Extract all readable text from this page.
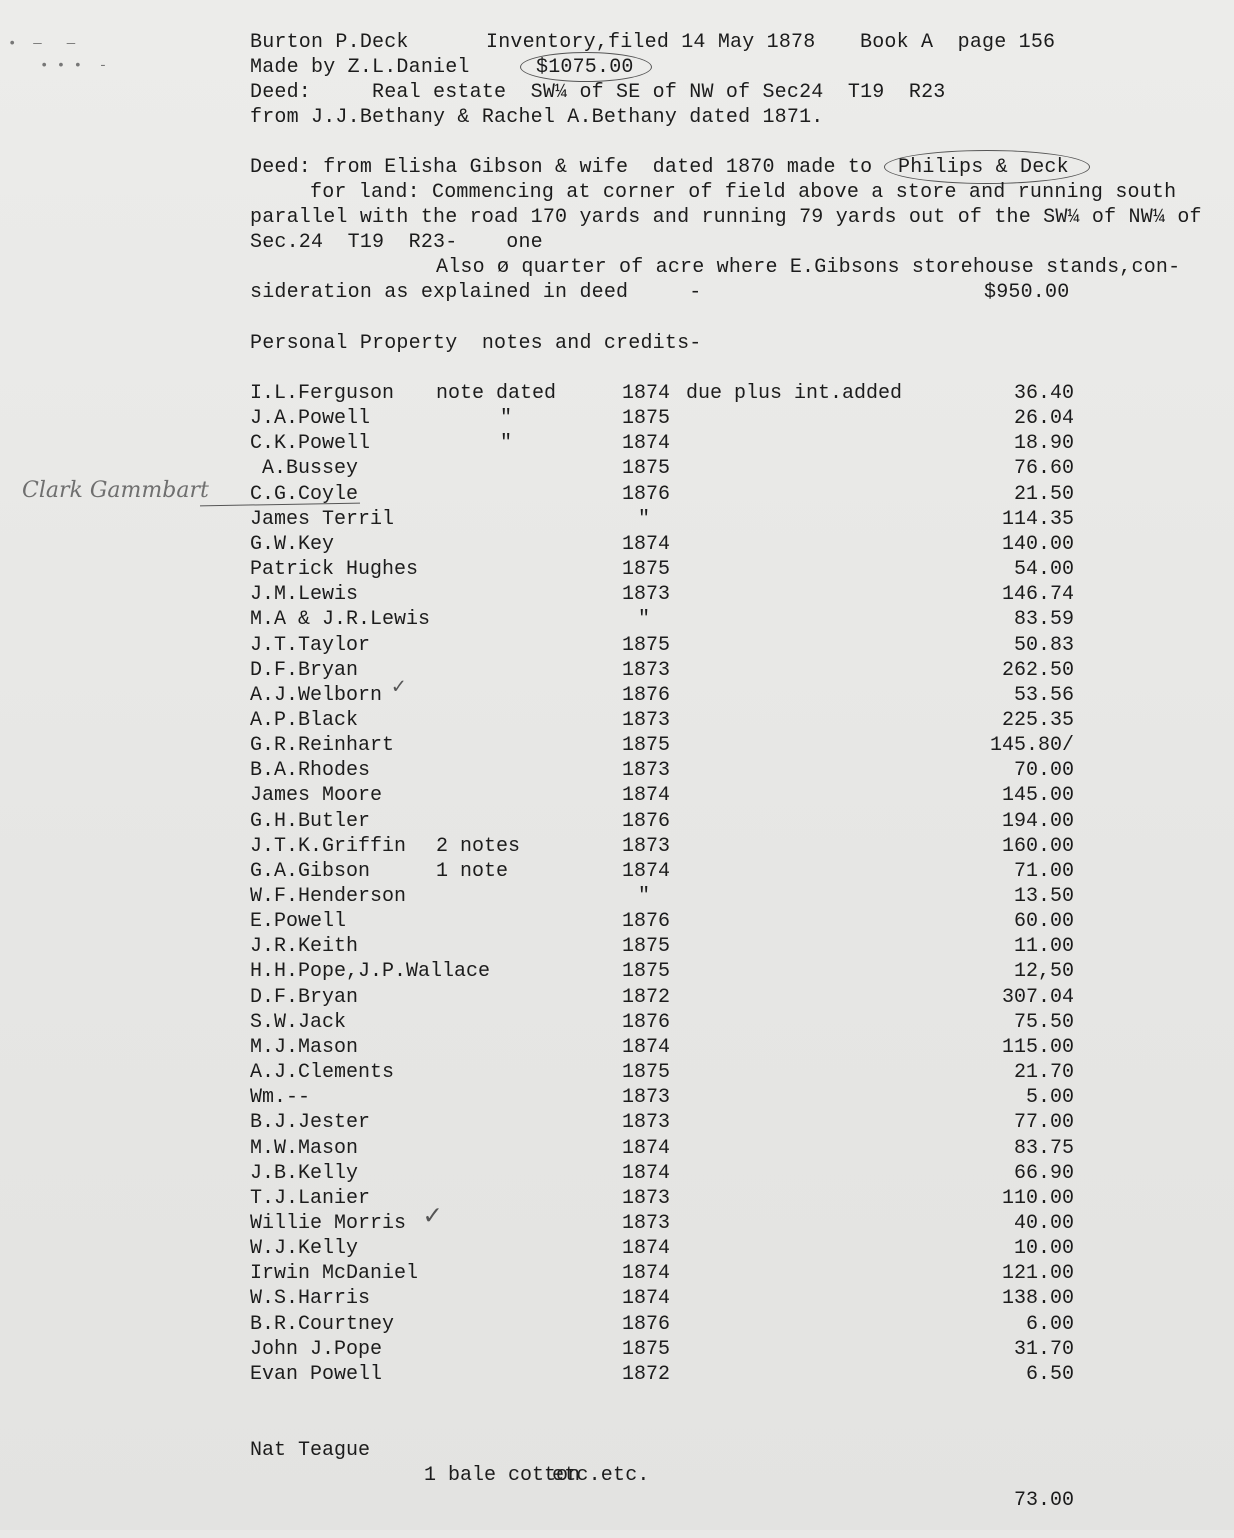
•  —   —
• • •  -
Burton P.Deck	Inventory,filed 14 May 1878 Book A  page 156
Made by Z.L.Daniel	$1075.00
Deed:     Real estate  SW¼ of SE of NW of Sec24  T19  R23
from J.J.Bethany & Rachel A.Bethany dated 1871.
Deed: from Elisha Gibson & wife  dated 1870 made to Philips & Deck
for land: Commencing at corner of field above a store and running south
parallel with the road 170 yards and running 79 yards out of the SW¼ of NW¼ of
Sec.24  T19  R23-    one
Also ø quarter of acre where E.Gibsons storehouse stands,con-
sideration as explained in deed     -	$950.00
Personal Property  notes and credits-
Clark Gammbart
I.L.Ferguson note dated	1874 due plus int.added	36.40
J.A.Powell	"	1875	26.04
C.K.Powell	"	1874	18.90
A.Bussey	1875	76.60
C.G.Coyle	1876	21.50
James Terril	"	114.35
G.W.Key	1874	140.00
Patrick Hughes	1875	54.00
J.M.Lewis	1873	146.74
M.A & J.R.Lewis	"	83.59
J.T.Taylor	1875	50.83
D.F.Bryan	1873	262.50
A.J.Welborn	1876	53.56
A.P.Black	1873	225.35
G.R.Reinhart	1875	145.80/
B.A.Rhodes	1873	70.00
James Moore	1874	145.00
G.H.Butler	1876	194.00
J.T.K.Griffin 2 notes	1873	160.00
G.A.Gibson	1 note	1874	71.00
W.F.Henderson	"	13.50
E.Powell	1876	60.00
J.R.Keith	1875	11.00
H.H.Pope,J.P.Wallace	1875	12,50
D.F.Bryan	1872	307.04
S.W.Jack	1876	75.50
M.J.Mason	1874	115.00
A.J.Clements	1875	21.70
Wm.--	1873	5.00
B.J.Jester	1873	77.00
M.W.Mason	1874	83.75
J.B.Kelly	1874	66.90
T.J.Lanier	1873	110.00
Willie Morris	1873	40.00
W.J.Kelly	1874	10.00
Irwin McDaniel	1874	121.00
W.S.Harris	1874	138.00
B.R.Courtney	1876	6.00
John J.Pope	1875	31.70
Evan Powell	1872	6.50
✓
✓

Nat Teague

1 bale cotton

73.00

etc.etc.
